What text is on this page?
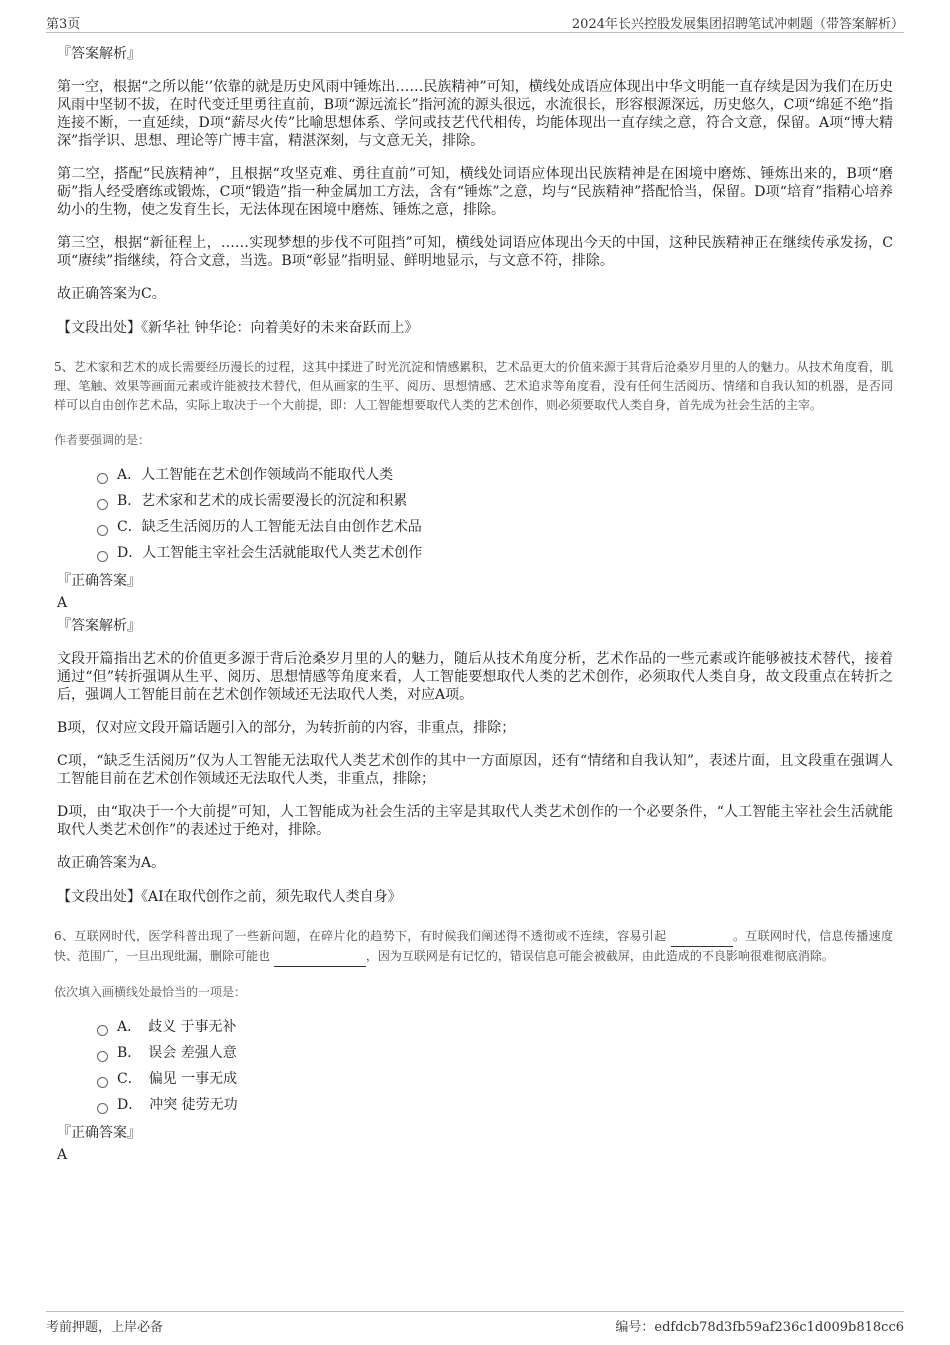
第3页	2024年长兴控股发展集团招聘笔试冲刺题（带答案解析）
『答案解析』
第一空，根据“之所以能‘’依靠的就是历史风雨中锤炼出……民族精神”可知，横线处成语应体现出中华文明能一直存续是因为我们在历史风雨中坚韧不拔，在时代变迁里勇往直前，B项“源远流长”指河流的源头很远，水流很长，形容根源深远，历史悠久，C项“绵延不绝”指连接不断，一直延续，D项“薪尽火传”比喻思想体系、学问或技艺代代相传，均能体现出一直存续之意，符合文意，保留。A项“博大精深”指学识、思想、理论等广博丰富，精湛深刻，与文意无关，排除。
第二空，搭配“民族精神”，且根据“攻坚克难、勇往直前”可知，横线处词语应体现出民族精神是在困境中磨炼、锤炼出来的，B项“磨砺”指人经受磨练或锻炼，C项“锻造”指一种金属加工方法，含有“锤炼”之意，均与“民族精神”搭配恰当，保留。D项“培育”指精心培养幼小的生物，使之发育生长，无法体现在困境中磨炼、锤炼之意，排除。
第三空，根据“新征程上，……实现梦想的步伐不可阻挡”可知，横线处词语应体现出今天的中国，这种民族精神正在继续传承发扬，C项“赓续”指继续，符合文意，当选。B项“彰显”指明显、鲜明地显示，与文意不符，排除。
故正确答案为C。
【文段出处】《新华社 钟华论：向着美好的未来奋跃而上》
5、艺术家和艺术的成长需要经历漫长的过程，这其中揉进了时光沉淀和情感累积，艺术品更大的价值来源于其背后沧桑岁月里的人的魅力。从技术角度看，肌理、笔触、效果等画面元素或许能被技术替代，但从画家的生平、阅历、思想情感、艺术追求等角度看，没有任何生活阅历、情绪和自我认知的机器，是否同样可以自由创作艺术品，实际上取决于一个大前提，即：人工智能想要取代人类的艺术创作，则必须要取代人类自身，首先成为社会生活的主宰。
作者要强调的是：
A．人工智能在艺术创作领域尚不能取代人类
B．艺术家和艺术的成长需要漫长的沉淀和积累
C．缺乏生活阅历的人工智能无法自由创作艺术品
D．人工智能主宰社会生活就能取代人类艺术创作
『正确答案』
A
『答案解析』
文段开篇指出艺术的价值更多源于背后沧桑岁月里的人的魅力，随后从技术角度分析，艺术作品的一些元素或许能够被技术替代，接着通过“但”转折强调从生平、阅历、思想情感等角度来看，人工智能要想取代人类的艺术创作，必须取代人类自身，故文段重点在转折之后，强调人工智能目前在艺术创作领域还无法取代人类，对应A项。
B项，仅对应文段开篇话题引入的部分，为转折前的内容，非重点，排除；
C项，“缺乏生活阅历”仅为人工智能无法取代人类艺术创作的其中一方面原因，还有“情绪和自我认知”，表述片面，且文段重在强调人工智能目前在艺术创作领域还无法取代人类，非重点，排除；
D项，由“取决于一个大前提”可知，人工智能成为社会生活的主宰是其取代人类艺术创作的一个必要条件，“人工智能主宰社会生活就能取代人类艺术创作”的表述过于绝对，排除。
故正确答案为A。
【文段出处】《AI在取代创作之前，须先取代人类自身》
6、互联网时代，医学科普出现了一些新问题，在碎片化的趋势下，有时候我们阐述得不透彻或不连续，容易引起	。互联网时代，信息传播速度快、范围广，一旦出现纰漏，删除可能也	，因为互联网是有记忆的，错误信息可能会被截屏，由此造成的不良影响很难彻底消除。
依次填入画横线处最恰当的一项是：
A．　歧义 于事无补
B．　误会 差强人意
C．　偏见 一事无成
D．　冲突 徒劳无功
『正确答案』
A
考前押题，上岸必备	编号：edfdcb78d3fb59af236c1d009b818cc6
